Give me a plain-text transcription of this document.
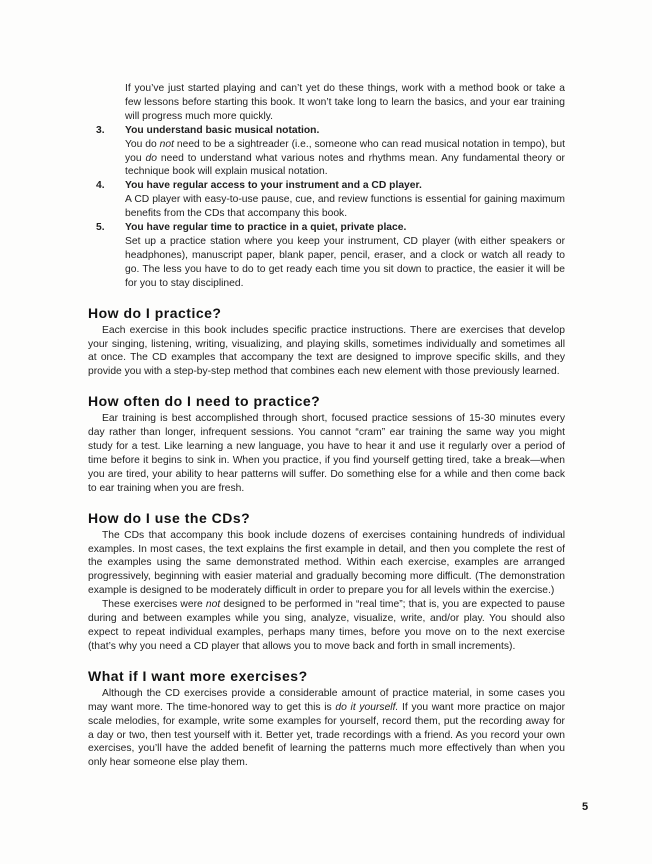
If you’ve just started playing and can’t yet do these things, work with a method book or take a few lessons before starting this book. It won’t take long to learn the basics, and your ear training will progress much more quickly.

3.	You understand basic musical notation.

You do not need to be a sightreader (i.e., someone who can read musical notation in tempo), but you do need to understand what various notes and rhythms mean. Any fundamental theory or technique book will explain musical notation.

4.	You have regular access to your instrument and a CD player.

A CD player with easy-to-use pause, cue, and review functions is essential for gaining maximum benefits from the CDs that accompany this book.

5.	You have regular time to practice in a quiet, private place.

Set up a practice station where you keep your instrument, CD player (with either speakers or headphones), manuscript paper, blank paper, pencil, eraser, and a clock or watch all ready to go. The less you have to do to get ready each time you sit down to practice, the easier it will be for you to stay disciplined.

How do I practice?

Each exercise in this book includes specific practice instructions. There are exercises that develop your singing, listening, writing, visualizing, and playing skills, sometimes individually and sometimes all at once. The CD examples that accompany the text are designed to improve specific skills, and they provide you with a step-by-step method that combines each new element with those previously learned.

How often do I need to practice?

Ear training is best accomplished through short, focused practice sessions of 15-30 minutes every day rather than longer, infrequent sessions. You cannot “cram” ear training the same way you might study for a test. Like learning a new language, you have to hear it and use it regularly over a period of time before it begins to sink in. When you practice, if you find yourself getting tired, take a break—when you are tired, your ability to hear patterns will suffer. Do something else for a while and then come back to ear training when you are fresh.

How do I use the CDs?

The CDs that accompany this book include dozens of exercises containing hundreds of individual examples. In most cases, the text explains the first example in detail, and then you complete the rest of the examples using the same demonstrated method. Within each exercise, examples are arranged progressively, beginning with easier material and gradually becoming more difficult. (The demonstration example is designed to be moderately difficult in order to prepare you for all levels within the exercise.)

These exercises were not designed to be performed in “real time”; that is, you are expected to pause during and between examples while you sing, analyze, visualize, write, and/or play. You should also expect to repeat individual examples, perhaps many times, before you move on to the next exercise (that’s why you need a CD player that allows you to move back and forth in small increments).

What if I want more exercises?

Although the CD exercises provide a considerable amount of practice material, in some cases you may want more. The time-honored way to get this is do it yourself. If you want more practice on major scale melodies, for example, write some examples for yourself, record them, put the recording away for a day or two, then test yourself with it. Better yet, trade recordings with a friend. As you record your own exercises, you’ll have the added benefit of learning the patterns much more effectively than when you only hear someone else play them.

5
